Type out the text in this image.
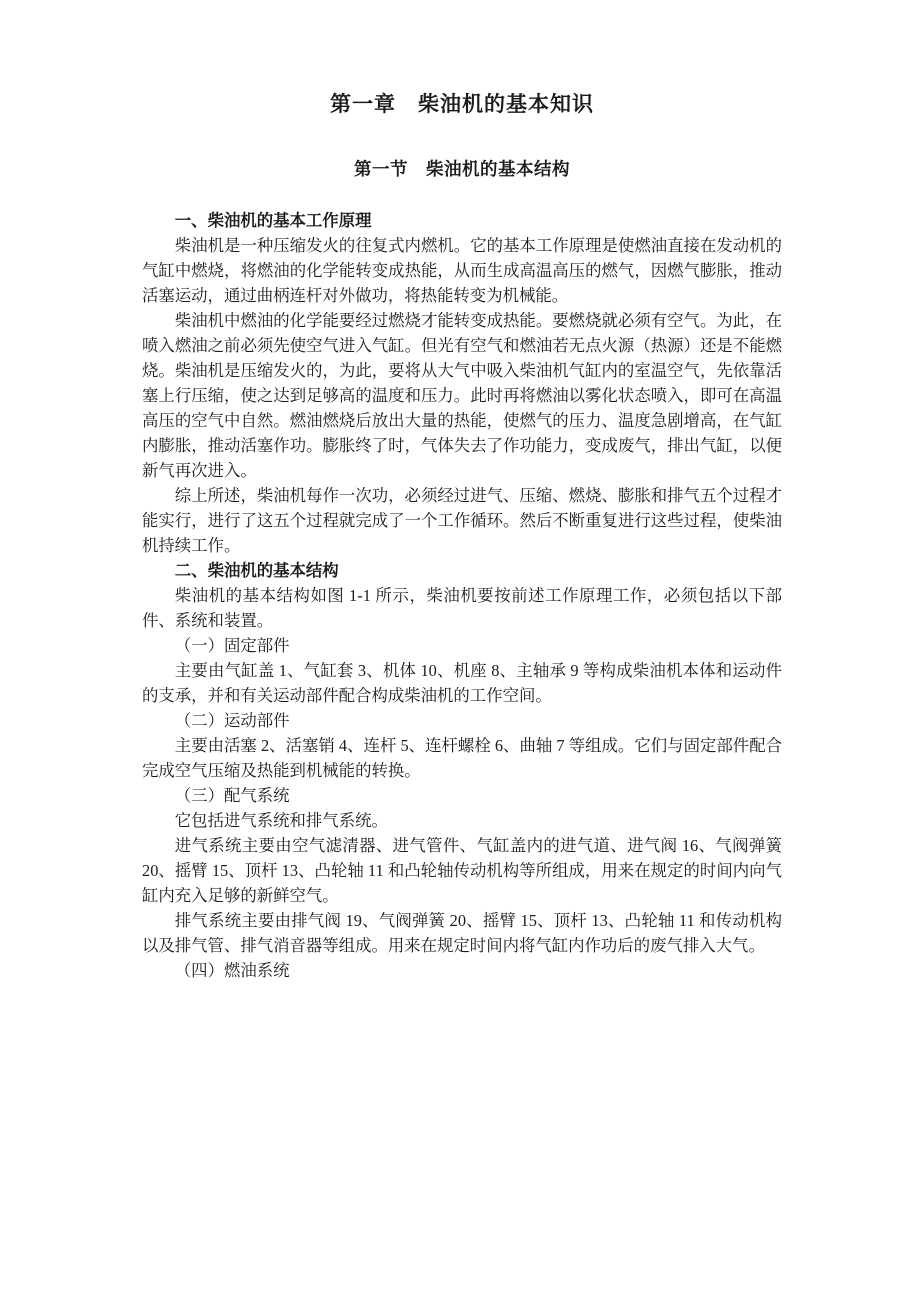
第一章　柴油机的基本知识
第一节　柴油机的基本结构

一、柴油机的基本工作原理

柴油机是一种压缩发火的往复式内燃机。它的基本工作原理是使燃油直接在发动机的气缸中燃烧，将燃油的化学能转变成热能，从而生成高温高压的燃气，因燃气膨胀，推动活塞运动，通过曲柄连杆对外做功，将热能转变为机械能。

柴油机中燃油的化学能要经过燃烧才能转变成热能。要燃烧就必须有空气。为此，在喷入燃油之前必须先使空气进入气缸。但光有空气和燃油若无点火源（热源）还是不能燃烧。柴油机是压缩发火的，为此，要将从大气中吸入柴油机气缸内的室温空气，先依靠活塞上行压缩，使之达到足够高的温度和压力。此时再将燃油以雾化状态喷入，即可在高温高压的空气中自然。燃油燃烧后放出大量的热能，使燃气的压力、温度急剧增高，在气缸内膨胀，推动活塞作功。膨胀终了时，气体失去了作功能力，变成废气，排出气缸，以便新气再次进入。

综上所述，柴油机每作一次功，必须经过进气、压缩、燃烧、膨胀和排气五个过程才能实行，进行了这五个过程就完成了一个工作循环。然后不断重复进行这些过程，使柴油机持续工作。

二、柴油机的基本结构

柴油机的基本结构如图 1-1 所示，柴油机要按前述工作原理工作，必须包括以下部件、系统和装置。

（一）固定部件

主要由气缸盖 1、气缸套 3、机体 10、机座 8、主轴承 9 等构成柴油机本体和运动件的支承，并和有关运动部件配合构成柴油机的工作空间。

（二）运动部件

主要由活塞 2、活塞销 4、连杆 5、连杆螺栓 6、曲轴 7 等组成。它们与固定部件配合完成空气压缩及热能到机械能的转换。

（三）配气系统

它包括进气系统和排气系统。

进气系统主要由空气滤清器、进气管件、气缸盖内的进气道、进气阀 16、气阀弹簧 20、摇臂 15、顶杆 13、凸轮轴 11 和凸轮轴传动机构等所组成，用来在规定的时间内向气缸内充入足够的新鲜空气。

排气系统主要由排气阀 19、气阀弹簧 20、摇臂 15、顶杆 13、凸轮轴 11 和传动机构以及排气管、排气消音器等组成。用来在规定时间内将气缸内作功后的废气排入大气。

（四）燃油系统
